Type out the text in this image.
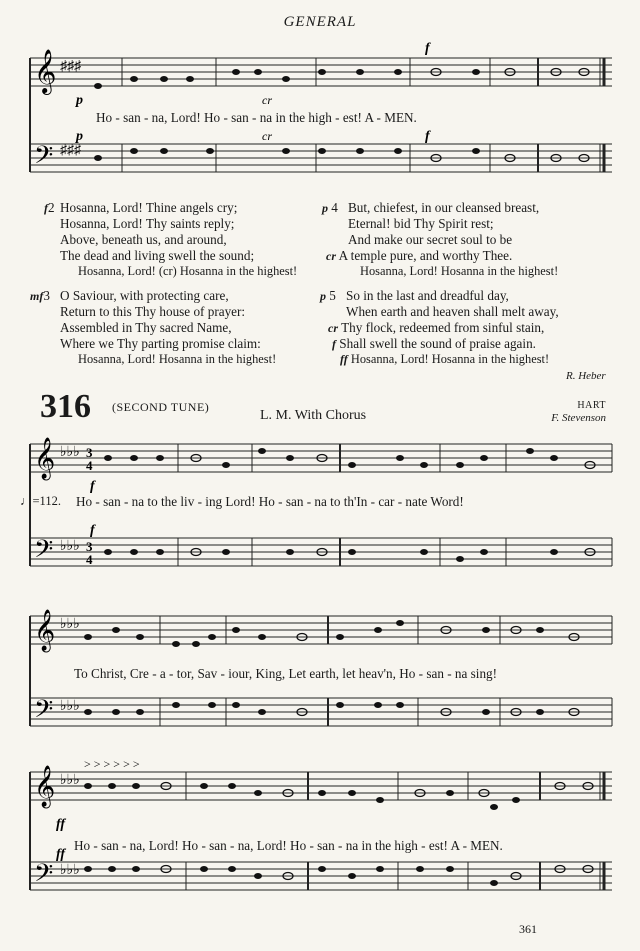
GENERAL
𝄞
𝄢
♯♯♯
♯♯♯
p	cr
f
p	cr	f
Ho - san - na, Lord! Ho - san - na in the high - est! A - MEN.
f2 Hosanna, Lord! Thine angels cry;
Hosanna, Lord! Thy saints reply;
Above, beneath us, and around,
The dead and living swell the sound;
Hosanna, Lord! (cr) Hosanna in the highest!
p 4 But, chiefest, in our cleansed breast,
Eternal! bid Thy Spirit rest;
And make our secret soul to be
cr A temple pure, and worthy Thee.
Hosanna, Lord! Hosanna in the highest!
mf3 O Saviour, with protecting care,
Return to this Thy house of prayer:
Assembled in Thy sacred Name,
Where we Thy parting promise claim:
Hosanna, Lord! Hosanna in the highest!
p 5 So in the last and dreadful day,
When earth and heaven shall melt away,
cr Thy flock, redeemed from sinful stain,
f Shall swell the sound of praise again.
ff Hosanna, Lord! Hosanna in the highest!
R. Heber
316 (SECOND TUNE)
L. M. With Chorus
HART
F. Stevenson
𝄞
𝄢
♭♭♭
♭♭♭
3
4
3
4
f
f
♩=112. Ho - san - na to the liv - ing Lord! Ho - san - na to th'In - car - nate Word!
𝄞
𝄢
♭♭♭
♭♭♭
To Christ, Cre - a - tor, Sav - iour, King, Let earth, let heav'n, Ho - san - na sing!
𝄞
𝄢
♭♭♭
♭♭♭
> > > > > >
ff
ff
Ho - san - na, Lord! Ho - san - na, Lord! Ho - san - na in the high - est! A - MEN.
361
